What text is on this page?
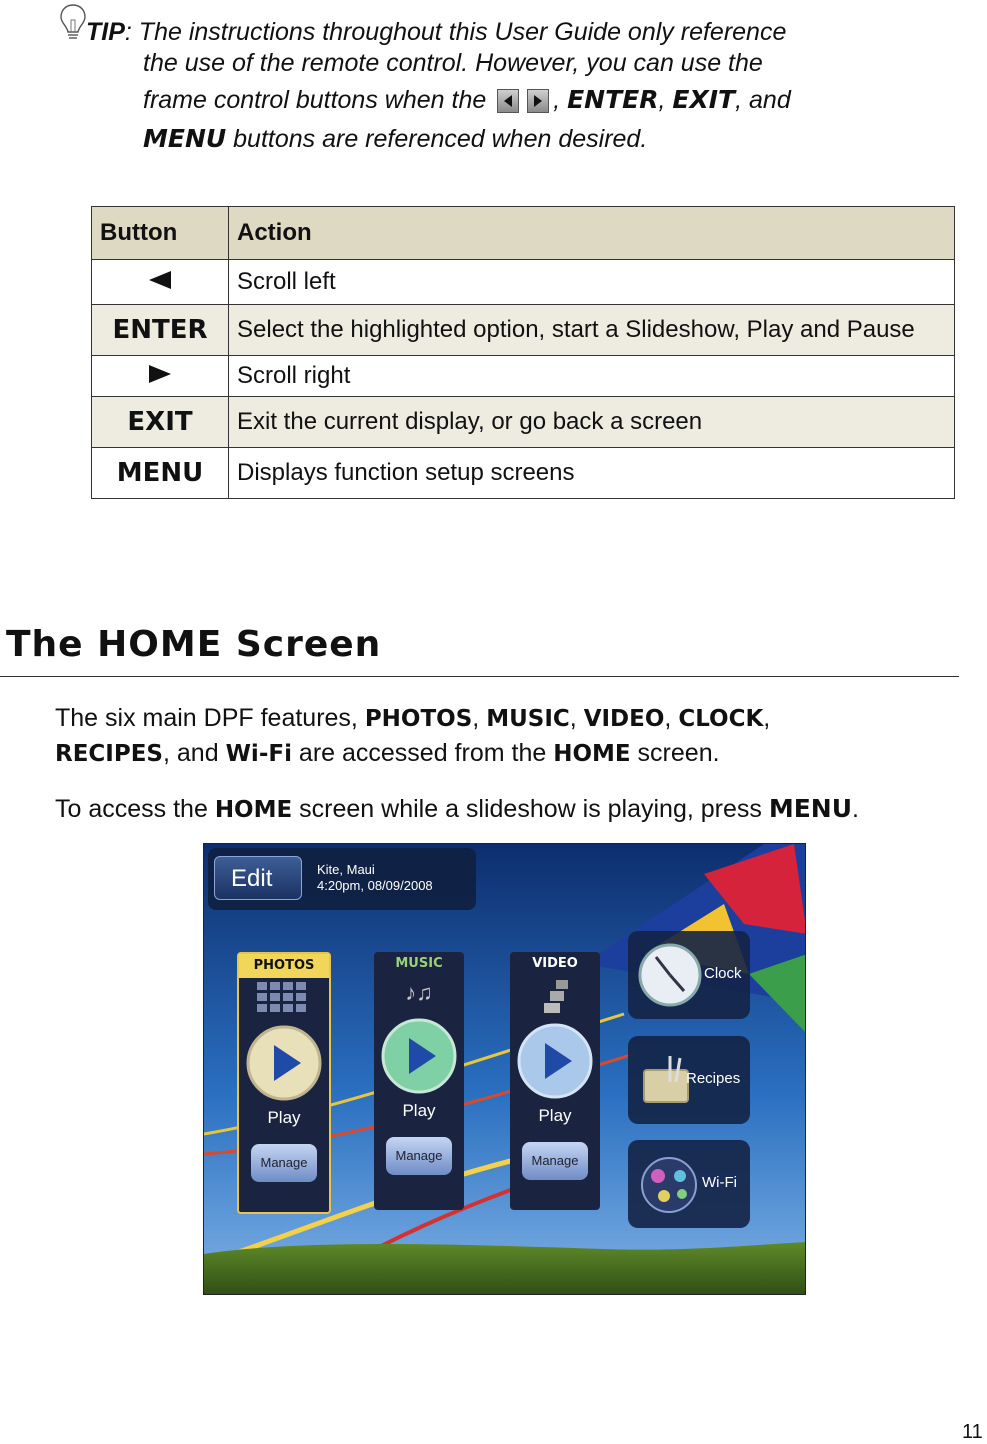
TIP: The instructions throughout this User Guide only reference
the use of the remote control. However, you can use the
frame control buttons when the	, ENTER, EXIT, and
MENU buttons are referenced when desired.
Button	Action
	Scroll left
ENTER	Select the highlighted option, start a Slideshow, Play and Pause
	Scroll right
EXIT	Exit the current display, or go back a screen
MENU	Displays function setup screens
The HOME Screen
The six main DPF features, PHOTOS, MUSIC, VIDEO, CLOCK,
RECIPES, and Wi-Fi are accessed from the HOME screen.
To access the HOME screen while a slideshow is playing, press MENU.
Edit	Kite, Maui
4:20pm, 08/09/2008
PHOTOS

Play
Manage
MUSIC
♪♫
Play
Manage
VIDEO

Play
Manage
Clock
Recipes
Wi-Fi
11
